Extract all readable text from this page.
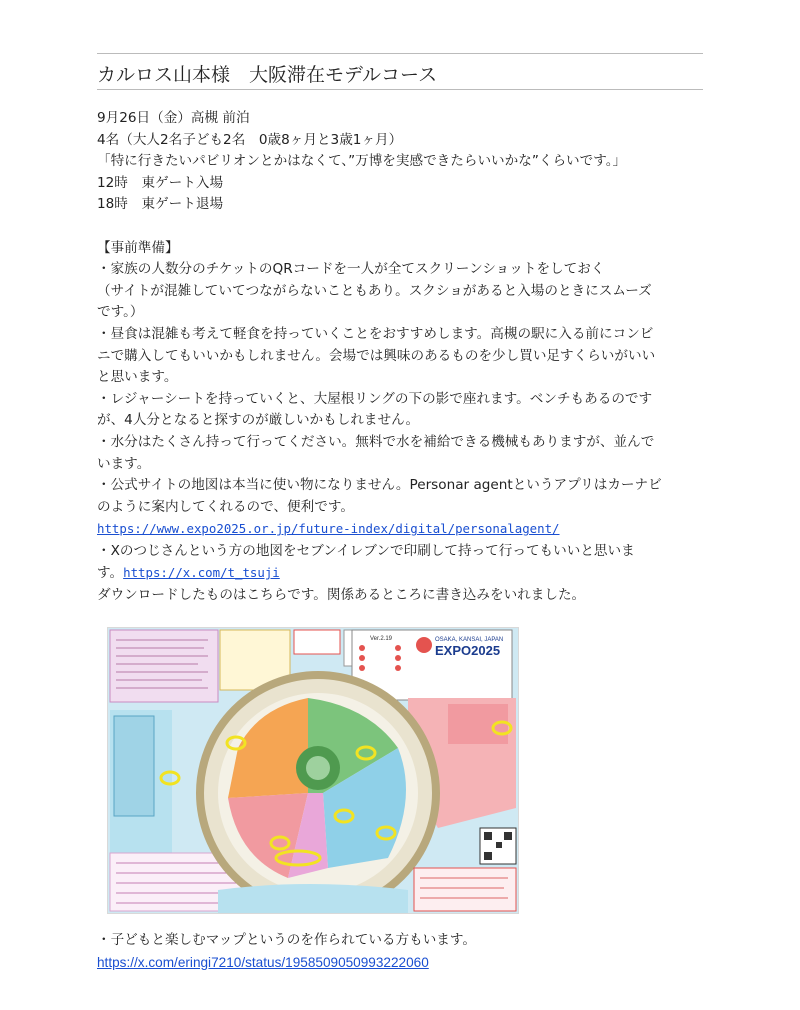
カルロス山本様　大阪滞在モデルコース
9月26日（金）高槻 前泊
4名（大人2名子ども2名　0歳8ヶ月と3歳1ヶ月）
「特に行きたいパビリオンとかはなくて、”万博を実感できたらいいかな”くらいです。」
12時　東ゲート入場
18時　東ゲート退場
【事前準備】
・家族の人数分のチケットのQRコードを一人が全てスクリーンショットをしておく
（サイトが混雑していてつながらないこともあり。スクショがあると入場のときにスムーズ
です。）
・昼食は混雑も考えて軽食を持っていくことをおすすめします。高槻の駅に入る前にコンビ
ニで購入してもいいかもしれません。会場では興味のあるものを少し買い足すくらいがいい
と思います。
・レジャーシートを持っていくと、大屋根リングの下の影で座れます。ベンチもあるのです
が、4人分となると探すのが厳しいかもしれません。
・水分はたくさん持って行ってください。無料で水を補給できる機械もありますが、並んで
います。
・公式サイトの地図は本当に使い物になりません。Personar agentというアプリはカーナビ
のように案内してくれるので、便利です。
https://www.expo2025.or.jp/future-index/digital/personalagent/
・Xのつじさんという方の地図をセブンイレブンで印刷して持って行ってもいいと思いま
す。https://x.com/t_tsuji
ダウンロードしたものはこちらです。関係あるところに書き込みをいれました。
OSAKA, KANSAI, JAPAN
EXPO2025
Ver.2.19
・子どもと楽しむマップというのを作られている方もいます。
https://x.com/eringi7210/status/1958509050993222060
